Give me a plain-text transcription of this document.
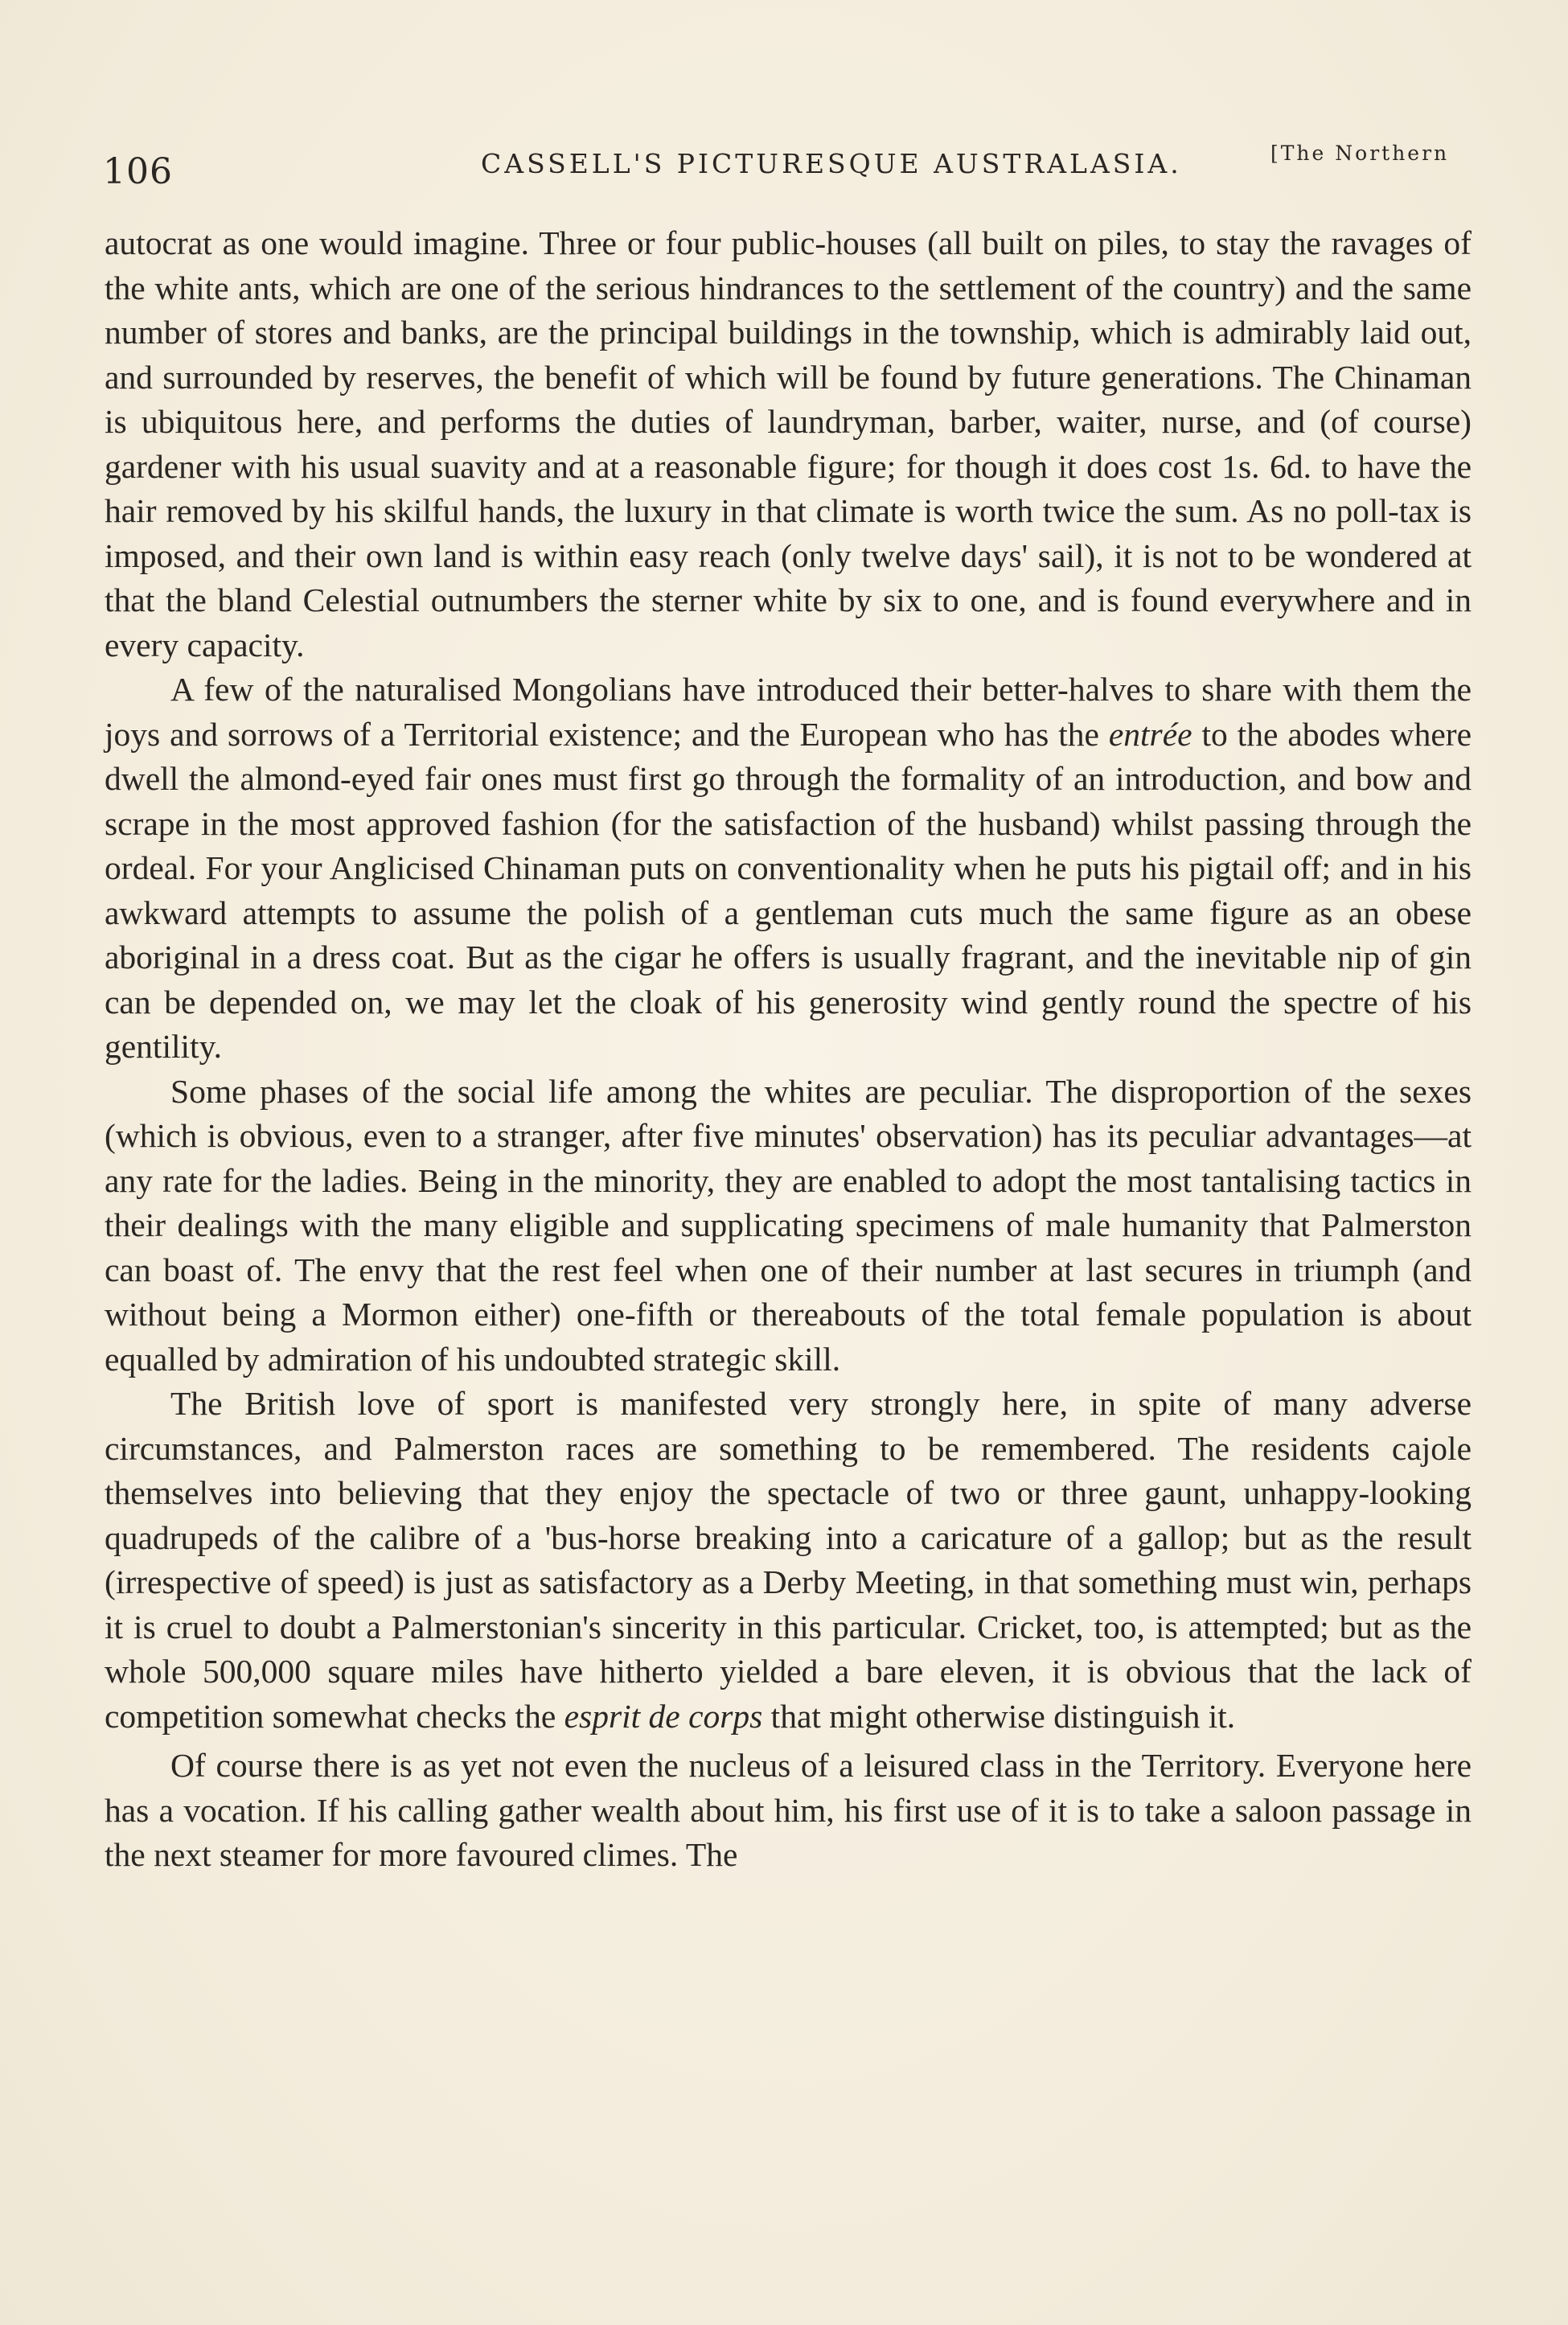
106	CASSELL'S PICTURESQUE AUSTRALASIA.	[The Northern

autocrat as one would imagine. Three or four public-houses (all built on piles, to stay the ravages of the white ants, which are one of the serious hindrances to the settlement of the country) and the same number of stores and banks, are the principal buildings in the township, which is admirably laid out, and surrounded by reserves, the benefit of which will be found by future generations. The Chinaman is ubiquitous here, and performs the duties of laundryman, barber, waiter, nurse, and (of course) gardener with his usual suavity and at a reasonable figure; for though it does cost 1s. 6d. to have the hair removed by his skilful hands, the luxury in that climate is worth twice the sum. As no poll-tax is imposed, and their own land is within easy reach (only twelve days' sail), it is not to be wondered at that the bland Celestial outnumbers the sterner white by six to one, and is found everywhere and in every capacity.

A few of the naturalised Mongolians have introduced their better-halves to share with them the joys and sorrows of a Territorial existence; and the European who has the entrée to the abodes where dwell the almond-eyed fair ones must first go through the formality of an introduction, and bow and scrape in the most approved fashion (for the satisfaction of the husband) whilst passing through the ordeal. For your Anglicised Chinaman puts on conventionality when he puts his pigtail off; and in his awkward attempts to assume the polish of a gentleman cuts much the same figure as an obese aboriginal in a dress coat. But as the cigar he offers is usually fragrant, and the inevitable nip of gin can be depended on, we may let the cloak of his generosity wind gently round the spectre of his gentility.

Some phases of the social life among the whites are peculiar. The disproportion of the sexes (which is obvious, even to a stranger, after five minutes' observation) has its peculiar advantages—at any rate for the ladies. Being in the minority, they are enabled to adopt the most tantalising tactics in their dealings with the many eligible and supplicating specimens of male humanity that Palmerston can boast of. The envy that the rest feel when one of their number at last secures in triumph (and without being a Mormon either) one-fifth or thereabouts of the total female population is about equalled by admiration of his undoubted strategic skill.

The British love of sport is manifested very strongly here, in spite of many adverse circumstances, and Palmerston races are something to be remembered. The residents cajole themselves into believing that they enjoy the spectacle of two or three gaunt, unhappy-looking quadrupeds of the calibre of a 'bus-horse breaking into a caricature of a gallop; but as the result (irrespective of speed) is just as satisfactory as a Derby Meeting, in that something must win, perhaps it is cruel to doubt a Palmerstonian's sincerity in this particular. Cricket, too, is attempted; but as the whole 500,000 square miles have hitherto yielded a bare eleven, it is obvious that the lack of competition somewhat checks the esprit de corps that might otherwise distinguish it.

Of course there is as yet not even the nucleus of a leisured class in the Territory. Everyone here has a vocation. If his calling gather wealth about him, his first use of it is to take a saloon passage in the next steamer for more favoured climes. The
